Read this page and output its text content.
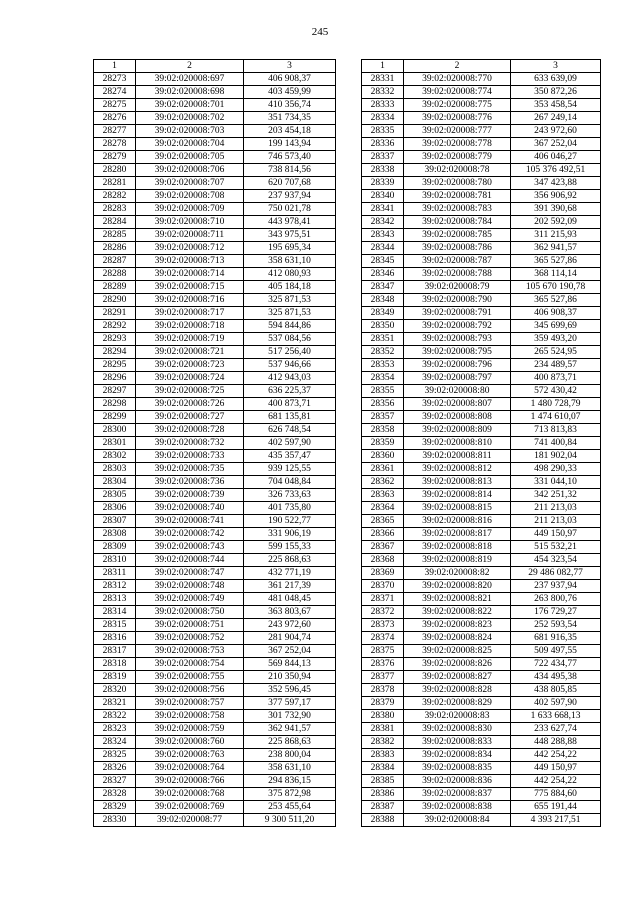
245
1	2	3
28273	39:02:020008:697	406 908,37
28274	39:02:020008:698	403 459,99
28275	39:02:020008:701	410 356,74
28276	39:02:020008:702	351 734,35
28277	39:02:020008:703	203 454,18
28278	39:02:020008:704	199 143,94
28279	39:02:020008:705	746 573,40
28280	39:02:020008:706	738 814,56
28281	39:02:020008:707	620 707,68
28282	39:02:020008:708	237 937,94
28283	39:02:020008:709	750 021,78
28284	39:02:020008:710	443 978,41
28285	39:02:020008:711	343 975,51
28286	39:02:020008:712	195 695,34
28287	39:02:020008:713	358 631,10
28288	39:02:020008:714	412 080,93
28289	39:02:020008:715	405 184,18
28290	39:02:020008:716	325 871,53
28291	39:02:020008:717	325 871,53
28292	39:02:020008:718	594 844,86
28293	39:02:020008:719	537 084,56
28294	39:02:020008:721	517 256,40
28295	39:02:020008:723	537 946,66
28296	39:02:020008:724	412 943,03
28297	39:02:020008:725	636 225,37
28298	39:02:020008:726	400 873,71
28299	39:02:020008:727	681 135,81
28300	39:02:020008:728	626 748,54
28301	39:02:020008:732	402 597,90
28302	39:02:020008:733	435 357,47
28303	39:02:020008:735	939 125,55
28304	39:02:020008:736	704 048,84
28305	39:02:020008:739	326 733,63
28306	39:02:020008:740	401 735,80
28307	39:02:020008:741	190 522,77
28308	39:02:020008:742	331 906,19
28309	39:02:020008:743	599 155,33
28310	39:02:020008:744	225 868,63
28311	39:02:020008:747	432 771,19
28312	39:02:020008:748	361 217,39
28313	39:02:020008:749	481 048,45
28314	39:02:020008:750	363 803,67
28315	39:02:020008:751	243 972,60
28316	39:02:020008:752	281 904,74
28317	39:02:020008:753	367 252,04
28318	39:02:020008:754	569 844,13
28319	39:02:020008:755	210 350,94
28320	39:02:020008:756	352 596,45
28321	39:02:020008:757	377 597,17
28322	39:02:020008:758	301 732,90
28323	39:02:020008:759	362 941,57
28324	39:02:020008:760	225 868,63
28325	39:02:020008:763	238 800,04
28326	39:02:020008:764	358 631,10
28327	39:02:020008:766	294 836,15
28328	39:02:020008:768	375 872,98
28329	39:02:020008:769	253 455,64
28330	39:02:020008:77	9 300 511,20
1	2	3
28331	39:02:020008:770	633 639,09
28332	39:02:020008:774	350 872,26
28333	39:02:020008:775	353 458,54
28334	39:02:020008:776	267 249,14
28335	39:02:020008:777	243 972,60
28336	39:02:020008:778	367 252,04
28337	39:02:020008:779	406 046,27
28338	39:02:020008:78	105 376 492,51
28339	39:02:020008:780	347 423,88
28340	39:02:020008:781	356 906,92
28341	39:02:020008:783	391 390,68
28342	39:02:020008:784	202 592,09
28343	39:02:020008:785	311 215,93
28344	39:02:020008:786	362 941,57
28345	39:02:020008:787	365 527,86
28346	39:02:020008:788	368 114,14
28347	39:02:020008:79	105 670 190,78
28348	39:02:020008:790	365 527,86
28349	39:02:020008:791	406 908,37
28350	39:02:020008:792	345 699,69
28351	39:02:020008:793	359 493,20
28352	39:02:020008:795	265 524,95
28353	39:02:020008:796	234 489,57
28354	39:02:020008:797	400 873,71
28355	39:02:020008:80	572 430,42
28356	39:02:020008:807	1 480 728,79
28357	39:02:020008:808	1 474 610,07
28358	39:02:020008:809	713 813,83
28359	39:02:020008:810	741 400,84
28360	39:02:020008:811	181 902,04
28361	39:02:020008:812	498 290,33
28362	39:02:020008:813	331 044,10
28363	39:02:020008:814	342 251,32
28364	39:02:020008:815	211 213,03
28365	39:02:020008:816	211 213,03
28366	39:02:020008:817	449 150,97
28367	39:02:020008:818	515 532,21
28368	39:02:020008:819	454 323,54
28369	39:02:020008:82	29 486 082,77
28370	39:02:020008:820	237 937,94
28371	39:02:020008:821	263 800,76
28372	39:02:020008:822	176 729,27
28373	39:02:020008:823	252 593,54
28374	39:02:020008:824	681 916,35
28375	39:02:020008:825	509 497,55
28376	39:02:020008:826	722 434,77
28377	39:02:020008:827	434 495,38
28378	39:02:020008:828	438 805,85
28379	39:02:020008:829	402 597,90
28380	39:02:020008:83	1 633 668,13
28381	39:02:020008:830	233 627,74
28382	39:02:020008:833	448 288,88
28383	39:02:020008:834	442 254,22
28384	39:02:020008:835	449 150,97
28385	39:02:020008:836	442 254,22
28386	39:02:020008:837	775 884,60
28387	39:02:020008:838	655 191,44
28388	39:02:020008:84	4 393 217,51
